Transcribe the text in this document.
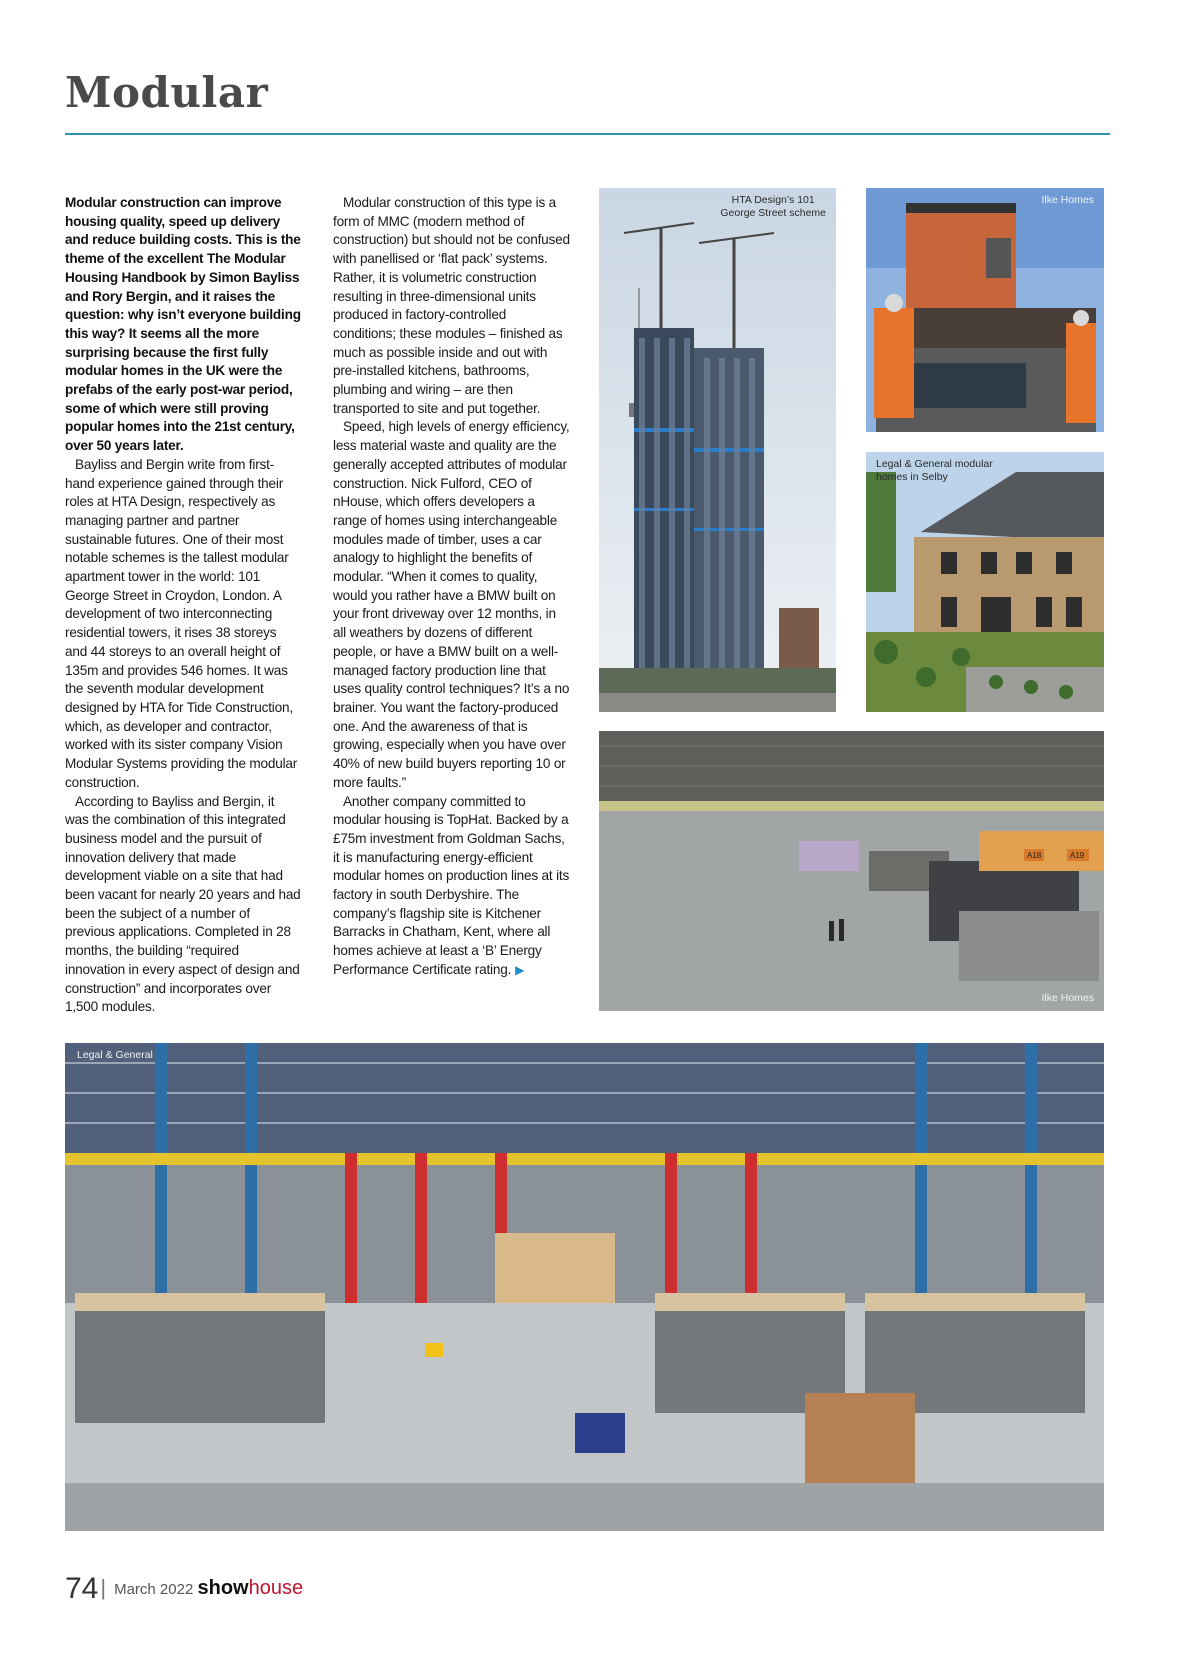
Modular

Modular construction can improve housing quality, speed up delivery and reduce building costs. This is the theme of the excellent The Modular Housing Handbook by Simon Bayliss and Rory Bergin, and it raises the question: why isn’t everyone building this way? It seems all the more surprising because the first fully modular homes in the UK were the prefabs of the early post-war period, some of which were still proving popular homes into the 21st century, over 50 years later.

Bayliss and Bergin write from first-hand experience gained through their roles at HTA Design, respectively as managing partner and partner sustainable futures. One of their most notable schemes is the tallest modular apartment tower in the world: 101 George Street in Croydon, London. A development of two interconnecting residential towers, it rises 38 storeys and 44 storeys to an overall height of 135m and provides 546 homes. It was the seventh modular development designed by HTA for Tide Construction, which, as developer and contractor, worked with its sister company Vision Modular Systems providing the modular construction.

According to Bayliss and Bergin, it was the combination of this integrated business model and the pursuit of innovation delivery that made development viable on a site that had been vacant for nearly 20 years and had been the subject of a number of previous applications. Completed in 28 months, the building “required innovation in every aspect of design and construction” and incorporates over 1,500 modules.

Modular construction of this type is a form of MMC (modern method of construction) but should not be confused with panellised or ‘flat pack’ systems. Rather, it is volumetric construction resulting in three-dimensional units produced in factory-controlled conditions; these modules – finished as much as possible inside and out with pre-installed kitchens, bathrooms, plumbing and wiring – are then transported to site and put together.

Speed, high levels of energy efficiency, less material waste and quality are the generally accepted attributes of modular construction. Nick Fulford, CEO of nHouse, which offers developers a range of homes using interchangeable modules made of timber, uses a car analogy to highlight the benefits of modular. “When it comes to quality, would you rather have a BMW built on your front driveway over 12 months, in all weathers by dozens of different people, or have a BMW built on a well-managed factory production line that uses quality control techniques? It’s a no brainer. You want the factory-produced one. And the awareness of that is growing, especially when you have over 40% of new build buyers reporting 10 or more faults.”

Another company committed to modular housing is TopHat. Backed by a £75m investment from Goldman Sachs, it is manufacturing energy-efficient modular homes on production lines at its factory in south Derbyshire. The company’s flagship site is Kitchener Barracks in Chatham, Kent, where all homes achieve at least a ‘B’ Energy Performance Certificate rating. ▶

HTA Design’s 101
George Street scheme
Ilke Homes
Legal & General modular
homes in Selby
A18	A19
Ilke Homes
Legal & General
74| March 2022 showhouse
